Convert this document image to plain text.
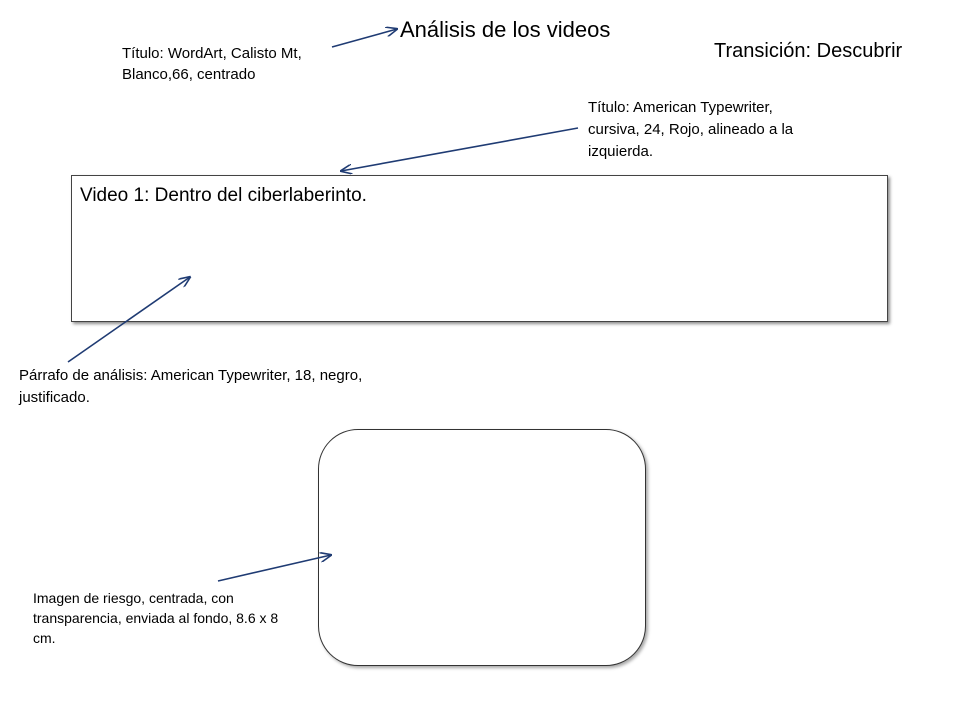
Análisis de los videos

Transición: Descubrir

Título: WordArt, Calisto Mt, Blanco,66, centrado

Título: American Typewriter, cursiva, 24, Rojo, alineado a la izquierda.

Video 1: Dentro del ciberlaberinto.

Párrafo de análisis: American Typewriter, 18, negro, justificado.

Imagen de riesgo, centrada, con transparencia, enviada al fondo, 8.6 x 8 cm.
